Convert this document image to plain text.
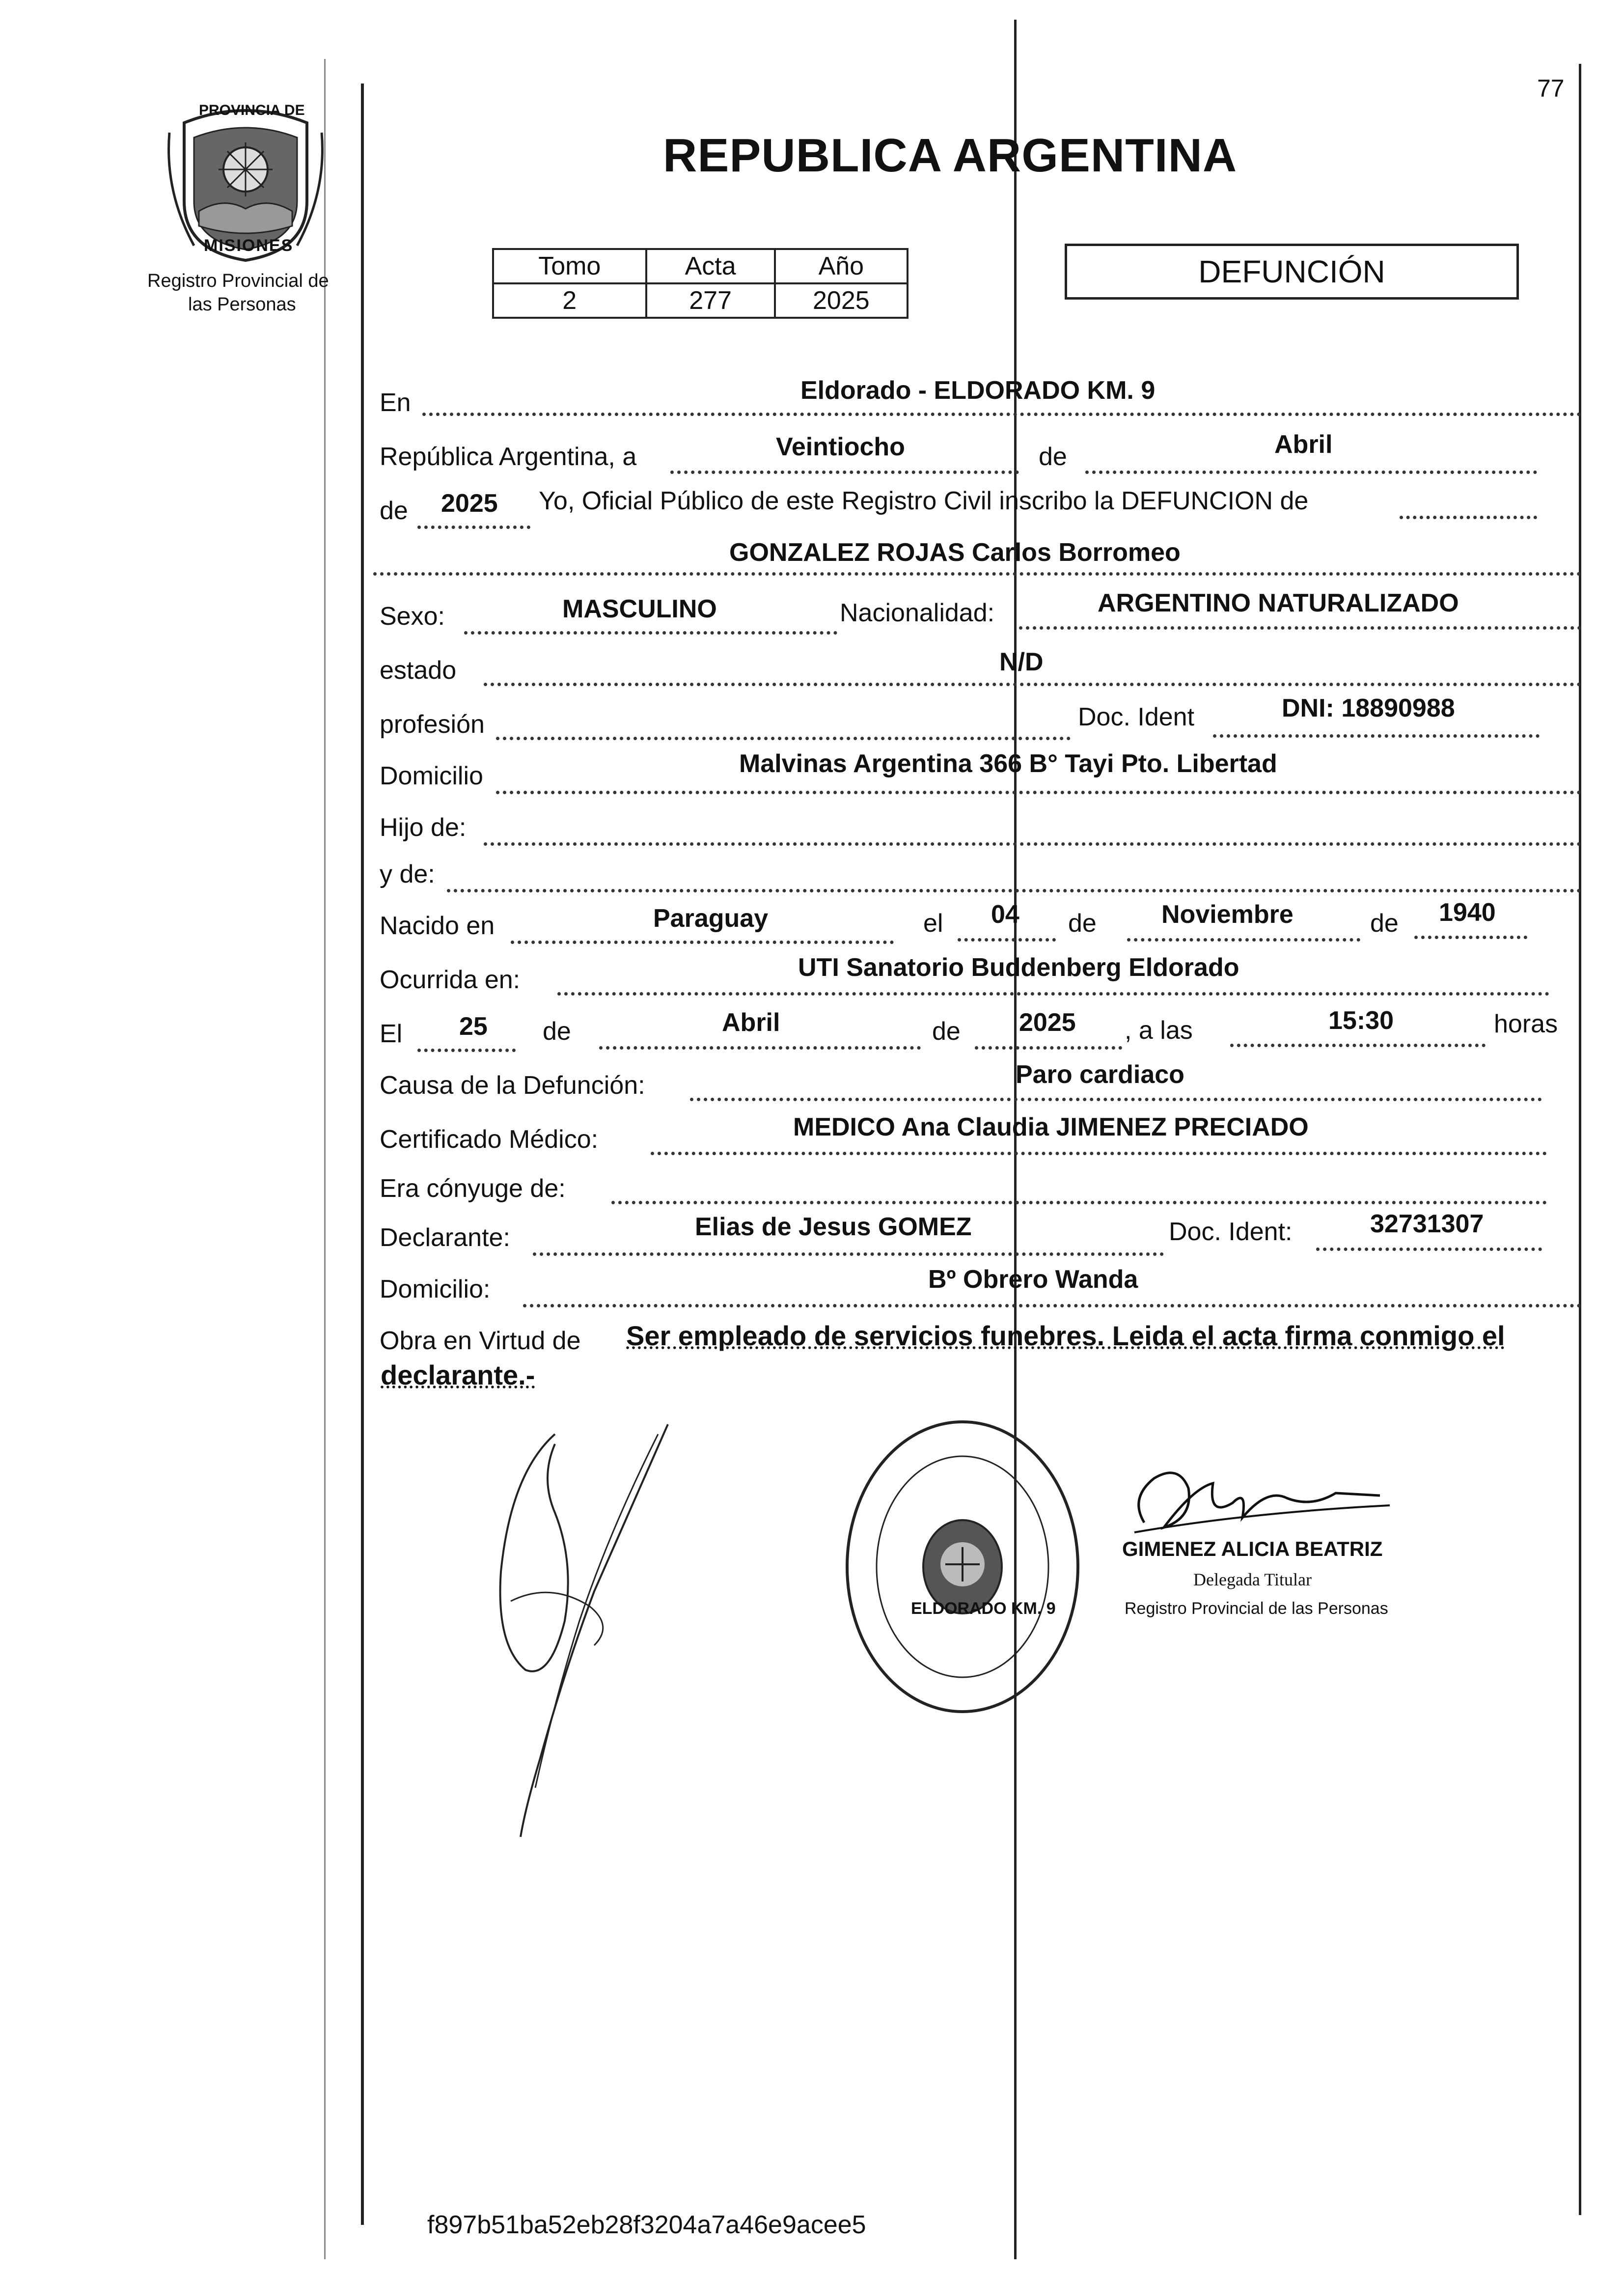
77
PROVINCIA DE
MISIONES
Registro Provincial de
las Personas
REPUBLICA ARGENTINA
Tomo	Acta	Año
2	277	2025
DEFUNCIÓN
En	Eldorado - ELDORADO KM. 9
República Argentina, a	Veintiocho	de	Abril
de 2025 Yo, Oficial Público de este Registro Civil inscribo la DEFUNCION de
GONZALEZ ROJAS Carlos Borromeo
Sexo:	MASCULINO	Nacionalidad:	ARGENTINO NATURALIZADO
estado	N/D
profesión	Doc. Ident	DNI: 18890988
Domicilio	Malvinas Argentina 366 B° Tayi Pto. Libertad
Hijo de:
y de:
Nacido en	Paraguay	el 04 de	Noviembre	de 1940
Ocurrida en:	UTI Sanatorio Buddenberg Eldorado
El 25 de	Abril	de 2025 , a las	15:30	horas
Causa de la Defunción:	Paro cardiaco
Certificado Médico:	MEDICO Ana Claudia JIMENEZ PRECIADO
Era cónyuge de:
Declarante:	Elias de Jesus GOMEZ	Doc. Ident:	32731307
Domicilio:	Bº Obrero Wanda
Obra en Virtud de Ser empleado de servicios funebres. Leida el acta firma conmigo el
declarante.-
ELDORADO KM. 9
GIMENEZ ALICIA BEATRIZ
Delegada Titular
Registro Provincial de las Personas
f897b51ba52eb28f3204a7a46e9acee5
